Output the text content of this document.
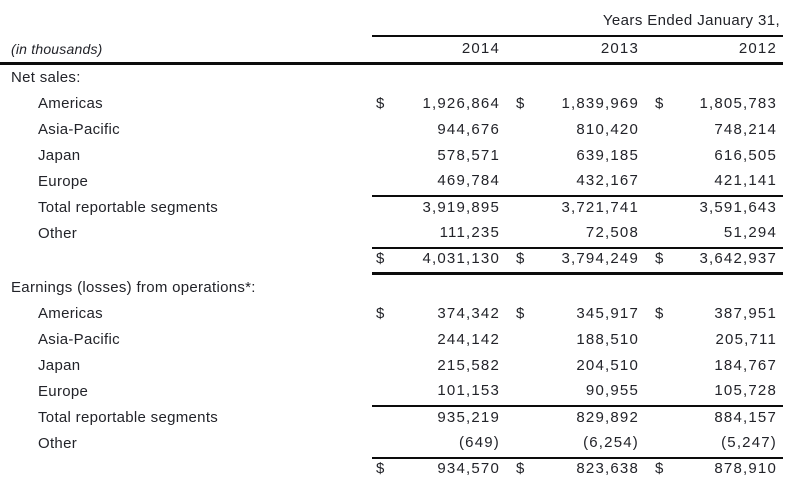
	Years Ended January 31,					
(in thousands)	2014		2013		2012	
Net sales:						
Americas	$	1,926,864	$	1,839,969	$	1,805,783
Asia-Pacific		944,676		810,420		748,214
Japan		578,571		639,185		616,505
Europe		469,784		432,167		421,141
Total reportable segments		3,919,895		3,721,741		3,591,643
Other		111,235		72,508		51,294
	$	4,031,130	$	3,794,249	$	3,642,937
Earnings (losses) from operations*:						
Americas	$	374,342	$	345,917	$	387,951
Asia-Pacific		244,142		188,510		205,711
Japan		215,582		204,510		184,767
Europe		101,153		90,955		105,728
Total reportable segments		935,219		829,892		884,157
Other		(649)		(6,254)		(5,247)
	$	934,570	$	823,638	$	878,910
